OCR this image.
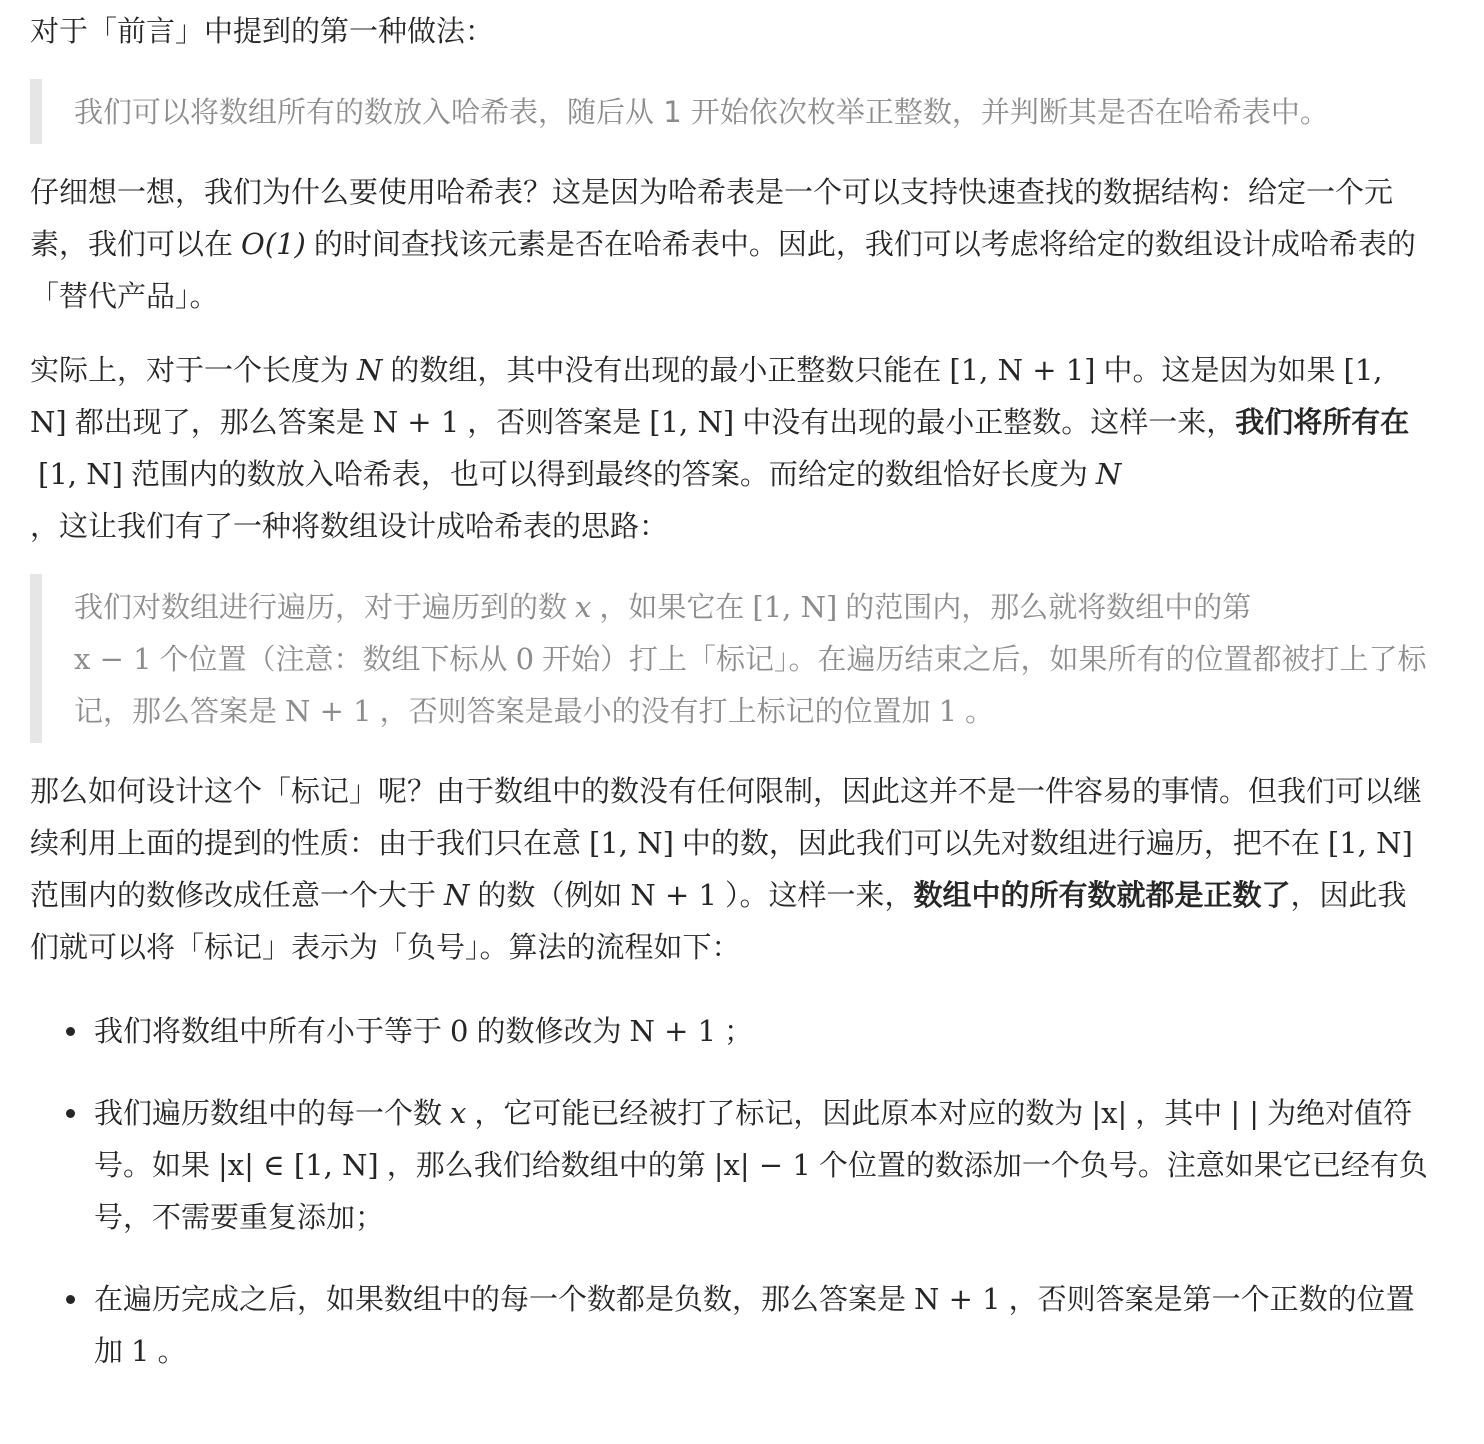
对于「前言」中提到的第一种做法：

我们可以将数组所有的数放入哈希表，随后从 1 开始依次枚举正整数，并判断其是否在哈希表中。

仔细想一想，我们为什么要使用哈希表？这是因为哈希表是一个可以支持快速查找的数据结构：给定一个元素，我们可以在 O(1) 的时间查找该元素是否在哈希表中。因此，我们可以考虑将给定的数组设计成哈希表的「替代产品」。

实际上，对于一个长度为 N 的数组，其中没有出现的最小正整数只能在 [1, N + 1] 中。这是因为如果 [1, N] 都出现了，那么答案是 N + 1 ，否则答案是 [1, N] 中没有出现的最小正整数。这样一来，我们将所有在[1, N] 范围内的数放入哈希表，也可以得到最终的答案。而给定的数组恰好长度为 N
，这让我们有了一种将数组设计成哈希表的思路：

我们对数组进行遍历，对于遍历到的数 x ，如果它在 [1, N] 的范围内，那么就将数组中的第
x − 1 个位置（注意：数组下标从 0 开始）打上「标记」。在遍历结束之后，如果所有的位置都被打上了标记，那么答案是 N + 1 ，否则答案是最小的没有打上标记的位置加 1 。

那么如何设计这个「标记」呢？由于数组中的数没有任何限制，因此这并不是一件容易的事情。但我们可以继续利用上面的提到的性质：由于我们只在意 [1, N] 中的数，因此我们可以先对数组进行遍历，把不在 [1, N]范围内的数修改成任意一个大于 N 的数（例如 N + 1 ）。这样一来，数组中的所有数就都是正数了，因此我们就可以将「标记」表示为「负号」。算法的流程如下：

我们将数组中所有小于等于 0 的数修改为 N + 1 ；
我们遍历数组中的每一个数 x ，它可能已经被打了标记，因此原本对应的数为 |x| ，其中 | | 为绝对值符号。如果 |x| ∈ [1, N] ，那么我们给数组中的第 |x| − 1 个位置的数添加一个负号。注意如果它已经有负号，不需要重复添加；
在遍历完成之后，如果数组中的每一个数都是负数，那么答案是 N + 1 ，否则答案是第一个正数的位置加 1 。
